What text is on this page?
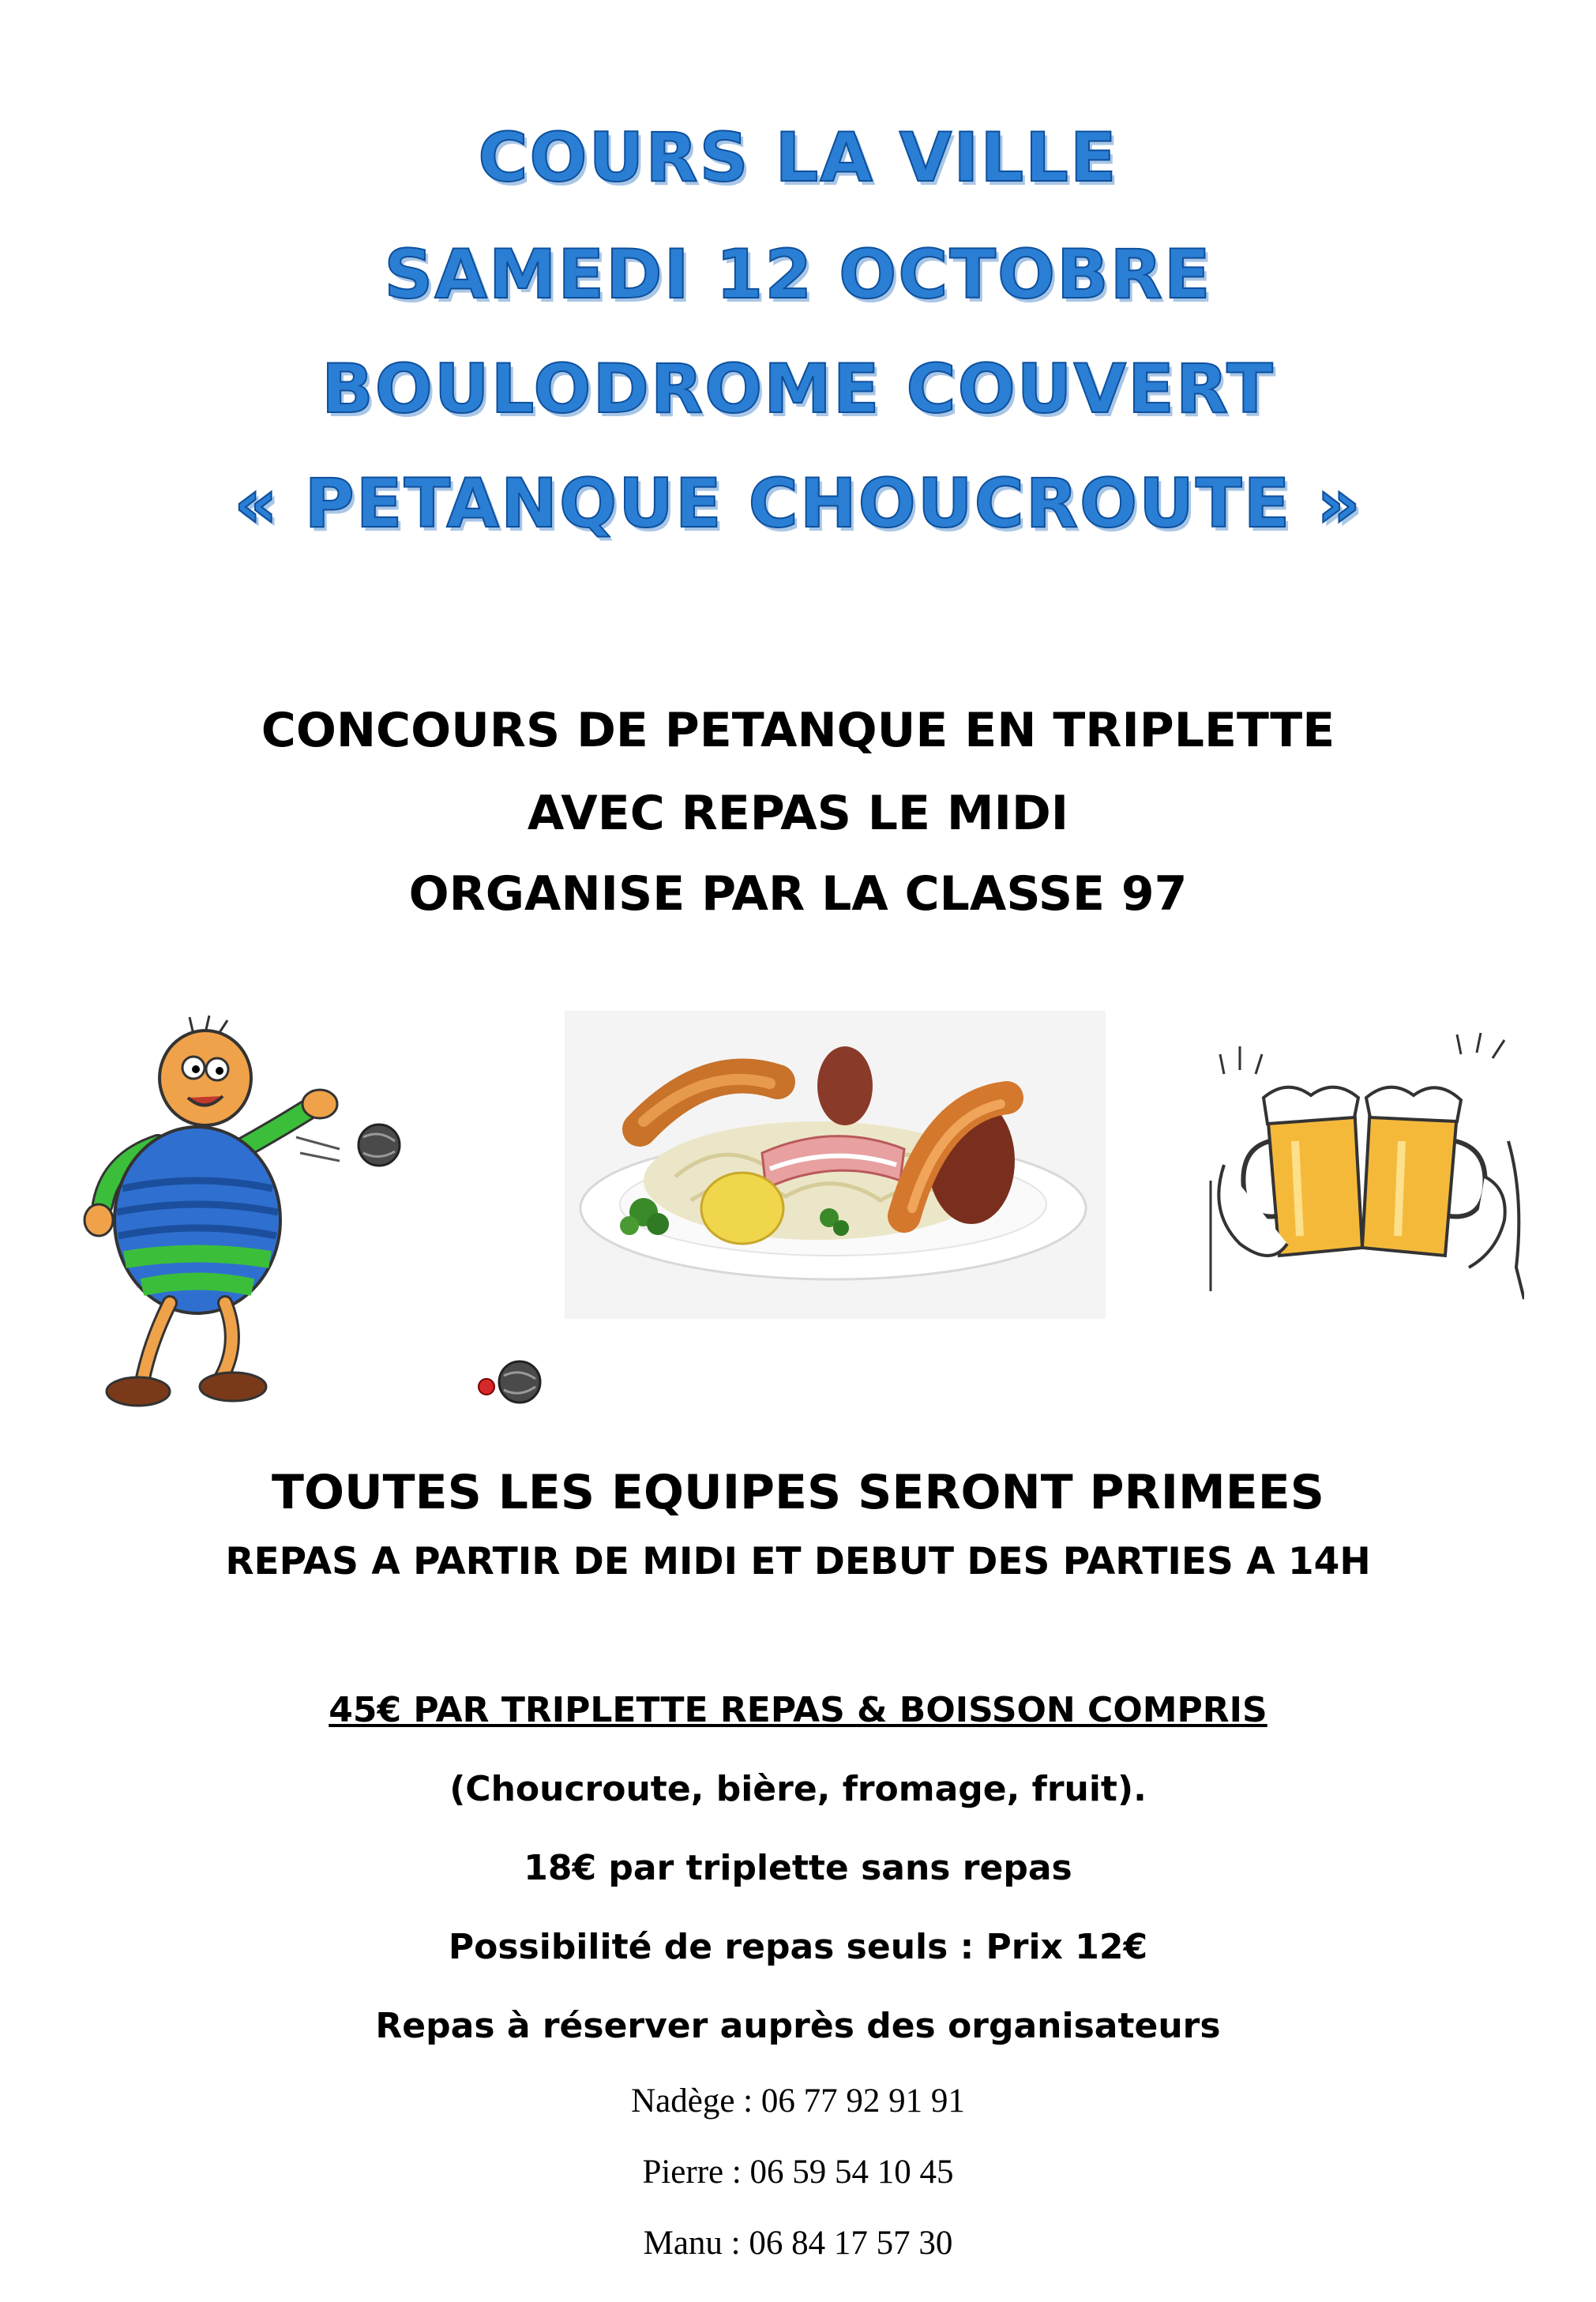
COURS LA VILLE
SAMEDI 12 OCTOBRE
BOULODROME COUVERT
« PETANQUE CHOUCROUTE »
CONCOURS DE PETANQUE EN TRIPLETTE
AVEC REPAS LE MIDI
ORGANISE PAR LA CLASSE 97
TOUTES LES EQUIPES SERONT PRIMEES
REPAS A PARTIR DE MIDI ET DEBUT DES PARTIES A 14H
45€ PAR TRIPLETTE REPAS & BOISSON COMPRIS
(Choucroute, bière, fromage, fruit).
18€ par triplette sans repas
Possibilité de repas seuls : Prix 12€
Repas à réserver auprès des organisateurs
Nadège : 06 77 92 91 91
Pierre : 06 59 54 10 45
Manu : 06 84 17 57 30
